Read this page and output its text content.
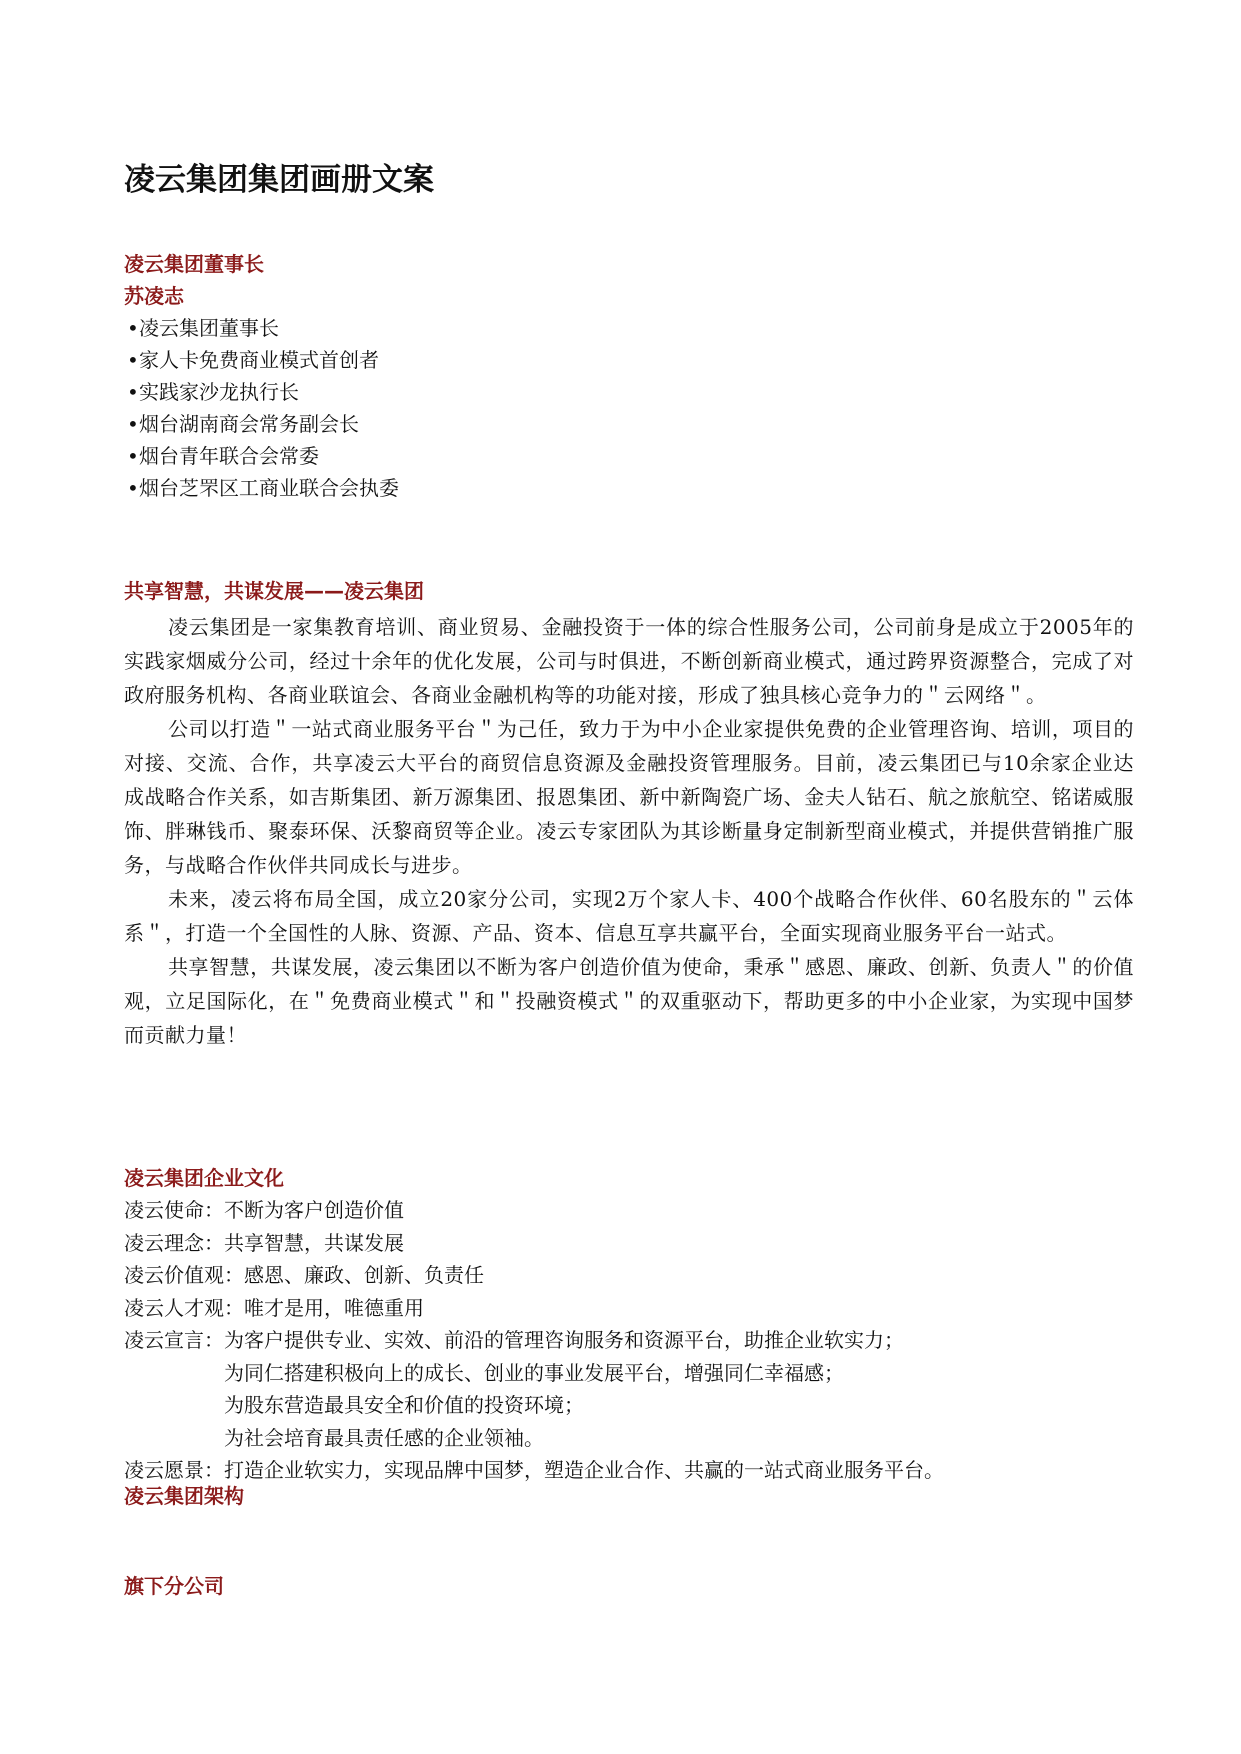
凌云集团集团画册文案
凌云集团董事长
苏凌志
•凌云集团董事长
•家人卡免费商业模式首创者
•实践家沙龙执行长
•烟台湖南商会常务副会长
•烟台青年联合会常委
•烟台芝罘区工商业联合会执委
共享智慧，共谋发展——凌云集团

凌云集团是一家集教育培训、商业贸易、金融投资于一体的综合性服务公司，公司前身是成立于2005年的实践家烟威分公司，经过十余年的优化发展，公司与时俱进，不断创新商业模式，通过跨界资源整合，完成了对政府服务机构、各商业联谊会、各商业金融机构等的功能对接，形成了独具核心竞争力的＂云网络＂。

公司以打造＂一站式商业服务平台＂为己任，致力于为中小企业家提供免费的企业管理咨询、培训，项目的对接、交流、合作，共享凌云大平台的商贸信息资源及金融投资管理服务。目前，凌云集团已与10余家企业达成战略合作关系，如吉斯集团、新万源集团、报恩集团、新中新陶瓷广场、金夫人钻石、航之旅航空、铭诺威服饰、胖琳钱币、聚泰环保、沃黎商贸等企业。凌云专家团队为其诊断量身定制新型商业模式，并提供营销推广服务，与战略合作伙伴共同成长与进步。

未来，凌云将布局全国，成立20家分公司，实现2万个家人卡、400个战略合作伙伴、60名股东的＂云体系＂，打造一个全国性的人脉、资源、产品、资本、信息互享共赢平台，全面实现商业服务平台一站式。

共享智慧，共谋发展，凌云集团以不断为客户创造价值为使命，秉承＂感恩、廉政、创新、负责人＂的价值观，立足国际化，在＂免费商业模式＂和＂投融资模式＂的双重驱动下，帮助更多的中小企业家，为实现中国梦而贡献力量！

凌云集团企业文化
凌云使命： 不断为客户创造价值
凌云理念： 共享智慧，共谋发展
凌云价值观： 感恩、廉政、创新、负责任
凌云人才观： 唯才是用，唯德重用
凌云宣言： 为客户提供专业、实效、前沿的管理咨询服务和资源平台，助推企业软实力；
为同仁搭建积极向上的成长、创业的事业发展平台，增强同仁幸福感；
为股东营造最具安全和价值的投资环境；
为社会培育最具责任感的企业领袖。
凌云愿景： 打造企业软实力，实现品牌中国梦，塑造企业合作、共赢的一站式商业服务平台。
凌云集团架构
旗下分公司
